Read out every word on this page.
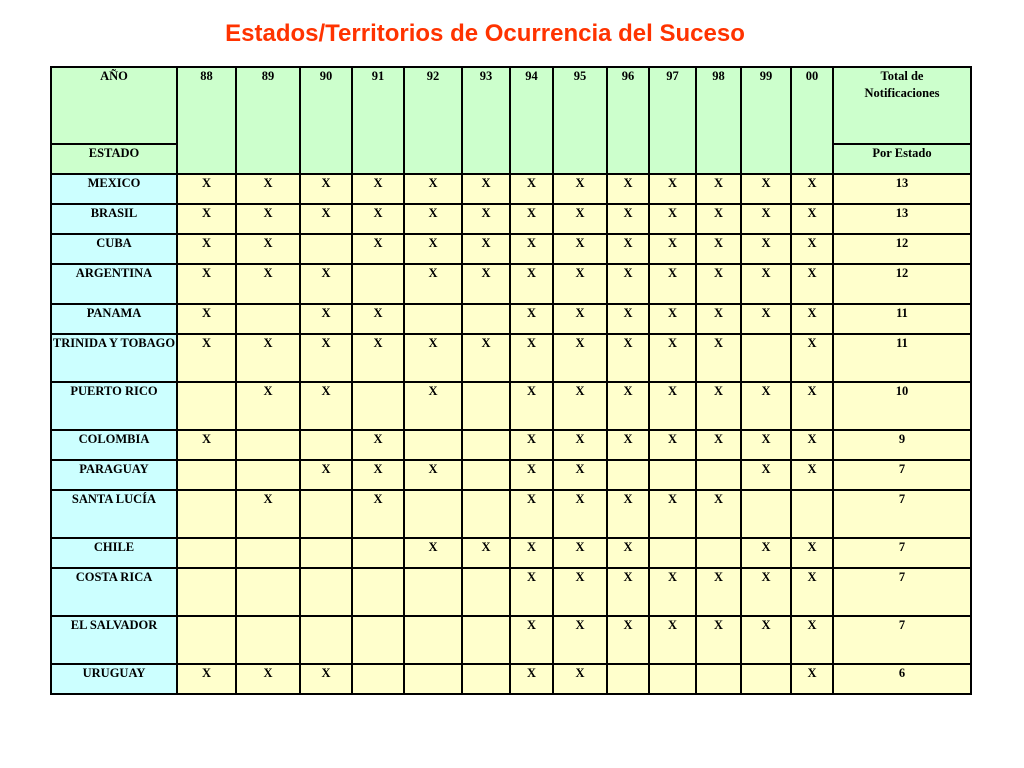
Estados/Territorios de Ocurrencia del Suceso
AÑO	88	89	90	91	92	93	94	95	96	97	98	99	00	Total de
Notificaciones
ESTADO														Por Estado
MEXICO	X	X	X	X	X	X	X	X	X	X	X	X	X	13
BRASIL	X	X	X	X	X	X	X	X	X	X	X	X	X	13
CUBA	X	X		X	X	X	X	X	X	X	X	X	X	12
ARGENTINA	X	X	X		X	X	X	X	X	X	X	X	X	12
PANAMA	X		X	X			X	X	X	X	X	X	X	11
TRINIDA Y TOBAGO	X	X	X	X	X	X	X	X	X	X	X		X	11
PUERTO RICO		X	X		X		X	X	X	X	X	X	X	10
COLOMBIA	X			X			X	X	X	X	X	X	X	9
PARAGUAY			X	X	X		X	X				X	X	7
SANTA LUCÍA		X		X			X	X	X	X	X			7
CHILE					X	X	X	X	X			X	X	7
COSTA RICA							X	X	X	X	X	X	X	7
EL SALVADOR							X	X	X	X	X	X	X	7
URUGUAY	X	X	X				X	X					X	6
